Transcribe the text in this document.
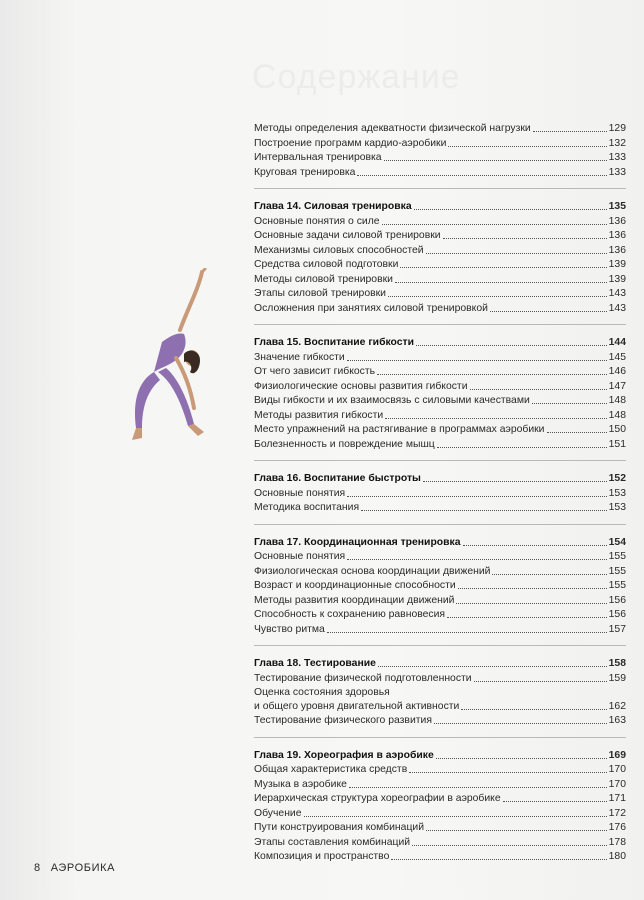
Содержание
Методы определения адекватности физической нагрузки	129
Построение программ кардио-аэробики	132
Интервальная тренировка	133
Круговая тренировка	133
Глава 14. Силовая тренировка	135
Основные понятия о силе	136
Основные задачи силовой тренировки	136
Механизмы силовых способностей	136
Средства силовой подготовки	139
Методы силовой тренировки	139
Этапы силовой тренировки	143
Осложнения при занятиях силовой тренировкой	143
Глава 15. Воспитание гибкости	144
Значение гибкости	145
От чего зависит гибкость	146
Физиологические основы развития гибкости	147
Виды гибкости и их взаимосвязь с силовыми качествами	148
Методы развития гибкости	148
Место упражнений на растягивание в программах аэробики	150
Болезненность и повреждение мышц	151
Глава 16. Воспитание быстроты	152
Основные понятия	153
Методика воспитания	153
Глава 17. Координационная тренировка	154
Основные понятия	155
Физиологическая основа координации движений	155
Возраст и координационные способности	155
Методы развития координации движений	156
Способность к сохранению равновесия	156
Чувство ритма	157
Глава 18. Тестирование	158
Тестирование физической подготовленности	159
Оценка состояния здоровья
и общего уровня двигательной активности	162
Тестирование физического развития	163
Глава 19. Хореография в аэробике	169
Общая характеристика средств	170
Музыка в аэробике	170
Иерархическая структура хореографии в аэробике	171
Обучение	172
Пути конструирования комбинаций	176
Этапы составления комбинаций	178
Композиция и пространство	180
8 АЭРОБИКА
